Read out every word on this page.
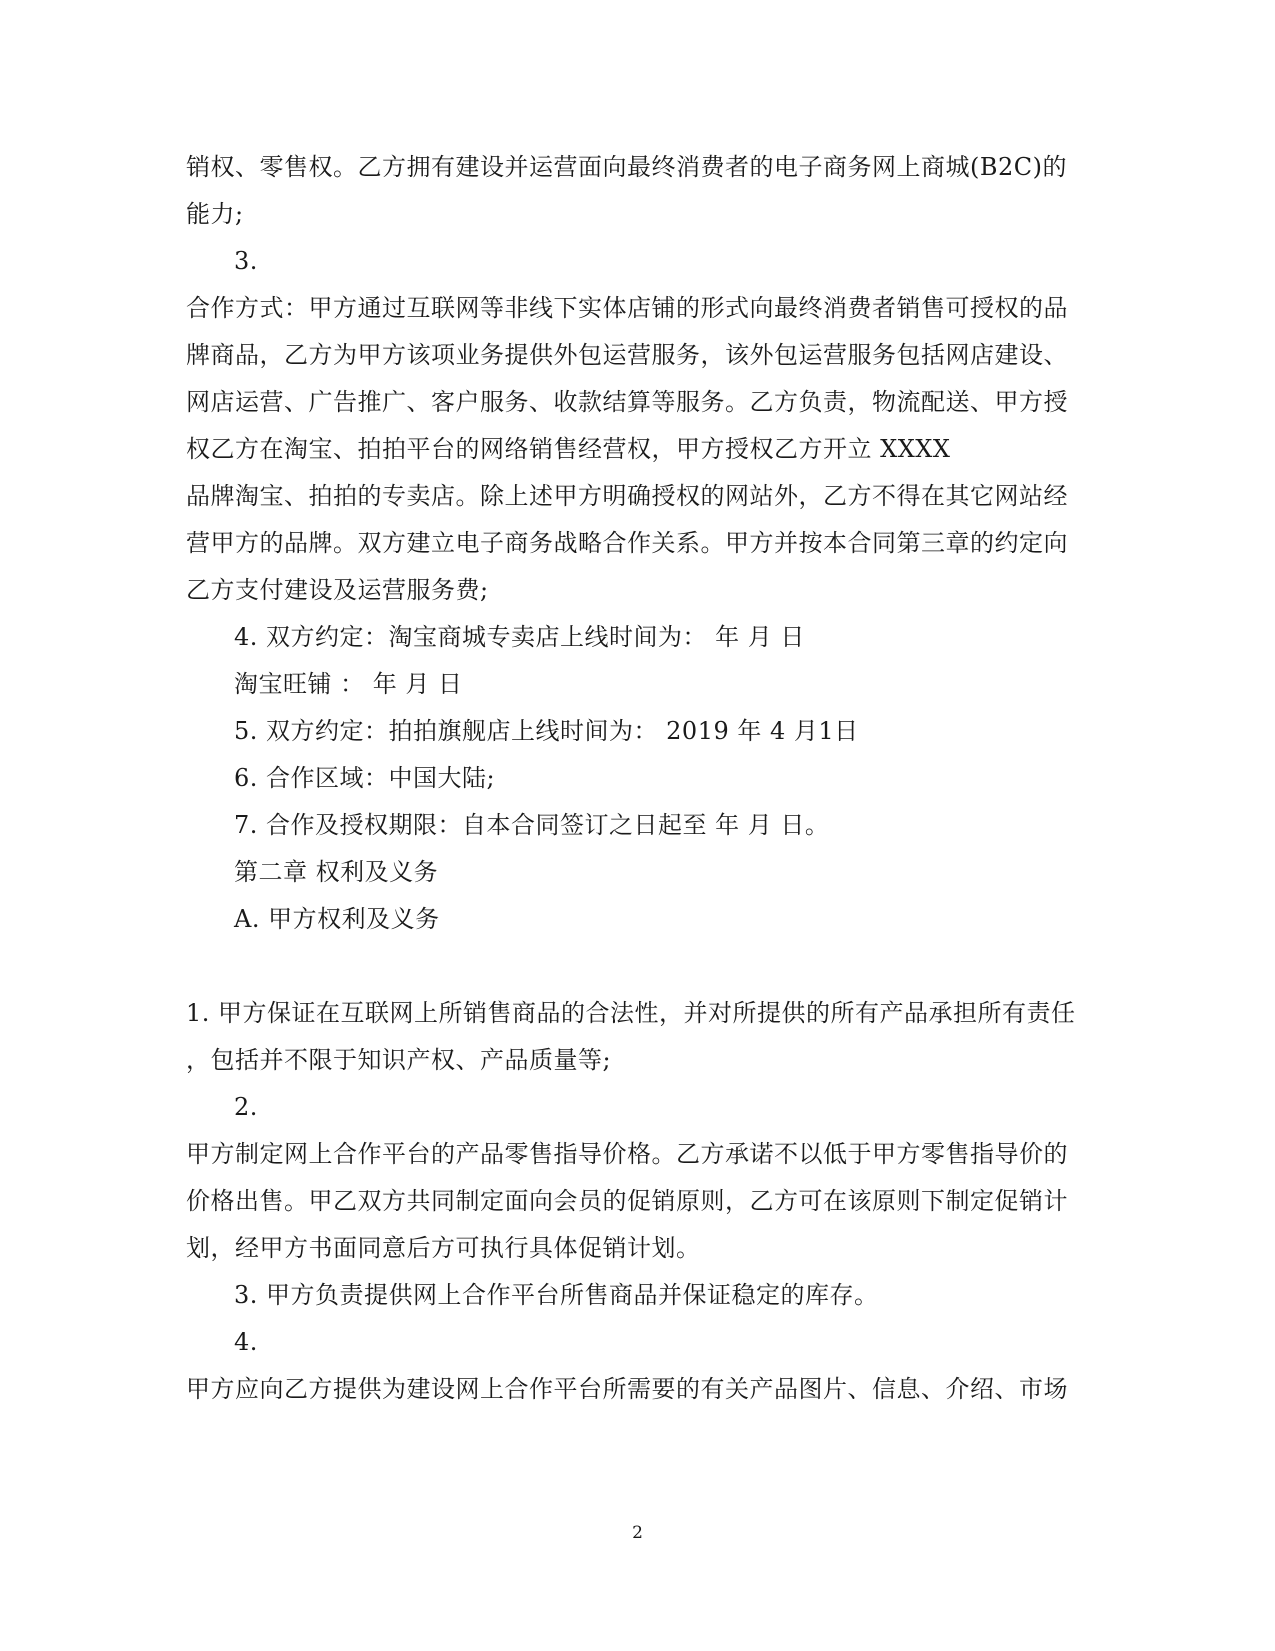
销权、零售权。乙方拥有建设并运营面向最终消费者的电子商务网上商城(B2C)的
能力;
3.
合作方式：甲方通过互联网等非线下实体店铺的形式向最终消费者销售可授权的品
牌商品，乙方为甲方该项业务提供外包运营服务，该外包运营服务包括网店建设、
网店运营、广告推广、客户服务、收款结算等服务。乙方负责，物流配送、甲方授
权乙方在淘宝、拍拍平台的网络销售经营权，甲方授权乙方开立 XXXX
品牌淘宝、拍拍的专卖店。除上述甲方明确授权的网站外，乙方不得在其它网站经
营甲方的品牌。双方建立电子商务战略合作关系。甲方并按本合同第三章的约定向
乙方支付建设及运营服务费;
4. 双方约定：淘宝商城专卖店上线时间为： 年 月 日
淘宝旺铺 ： 年 月 日
5. 双方约定：拍拍旗舰店上线时间为： 2019 年 4 月1日
6. 合作区域：中国大陆;
7. 合作及授权期限：自本合同签订之日起至 年 月 日。
第二章 权利及义务
A. 甲方权利及义务
1. 甲方保证在互联网上所销售商品的合法性，并对所提供的所有产品承担所有责任
，包括并不限于知识产权、产品质量等;
2.
甲方制定网上合作平台的产品零售指导价格。乙方承诺不以低于甲方零售指导价的
价格出售。甲乙双方共同制定面向会员的促销原则，乙方可在该原则下制定促销计
划，经甲方书面同意后方可执行具体促销计划。
3. 甲方负责提供网上合作平台所售商品并保证稳定的库存。
4.
甲方应向乙方提供为建设网上合作平台所需要的有关产品图片、信息、介绍、市场
2
